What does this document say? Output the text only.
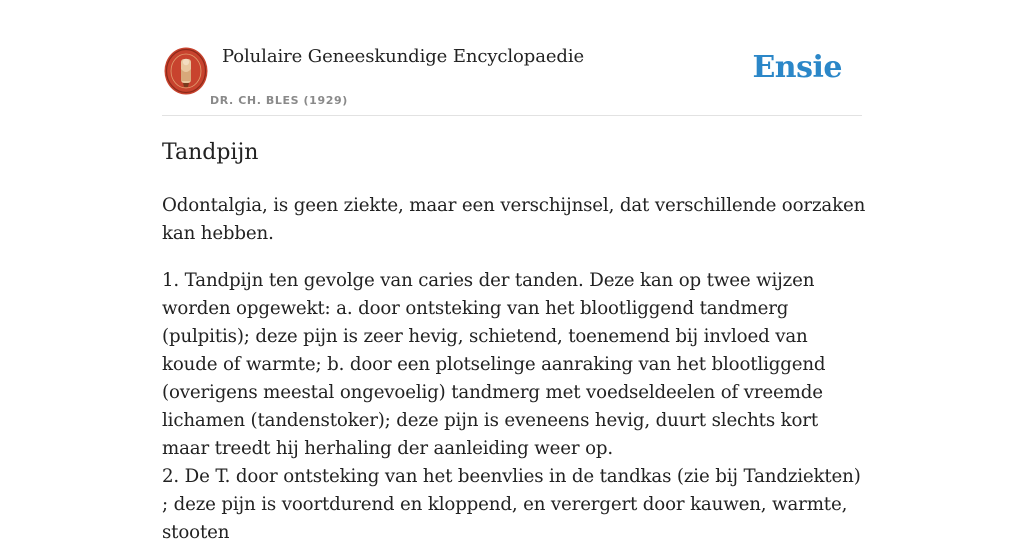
Polulaire Geneeskundige Encyclopaedie
DR. CH. BLES (1929)
Ensie
Tandpijn

Odontalgia, is geen ziekte, maar een verschijnsel, dat verschillende oorzaken kan hebben.

1. Tandpijn ten gevolge van caries der tanden. Deze kan op twee wijzen worden opgewekt: a. door ontsteking van het blootliggend tandmerg (pulpitis); deze pijn is zeer hevig, schietend, toenemend bij invloed van koude of warmte; b. door een plotselinge aanraking van het blootliggend (overigens meestal ongevoelig) tandmerg met voedseldeelen of vreemde lichamen (tandenstoker); deze pijn is eveneens hevig, duurt slechts kort maar treedt hij herhaling der aanleiding weer op.

2. De T. door ontsteking van het beenvlies in de tandkas (zie bij Tandziekten) ; deze pijn is voortdurend en kloppend, en verergert door kauwen, warmte, stooten
